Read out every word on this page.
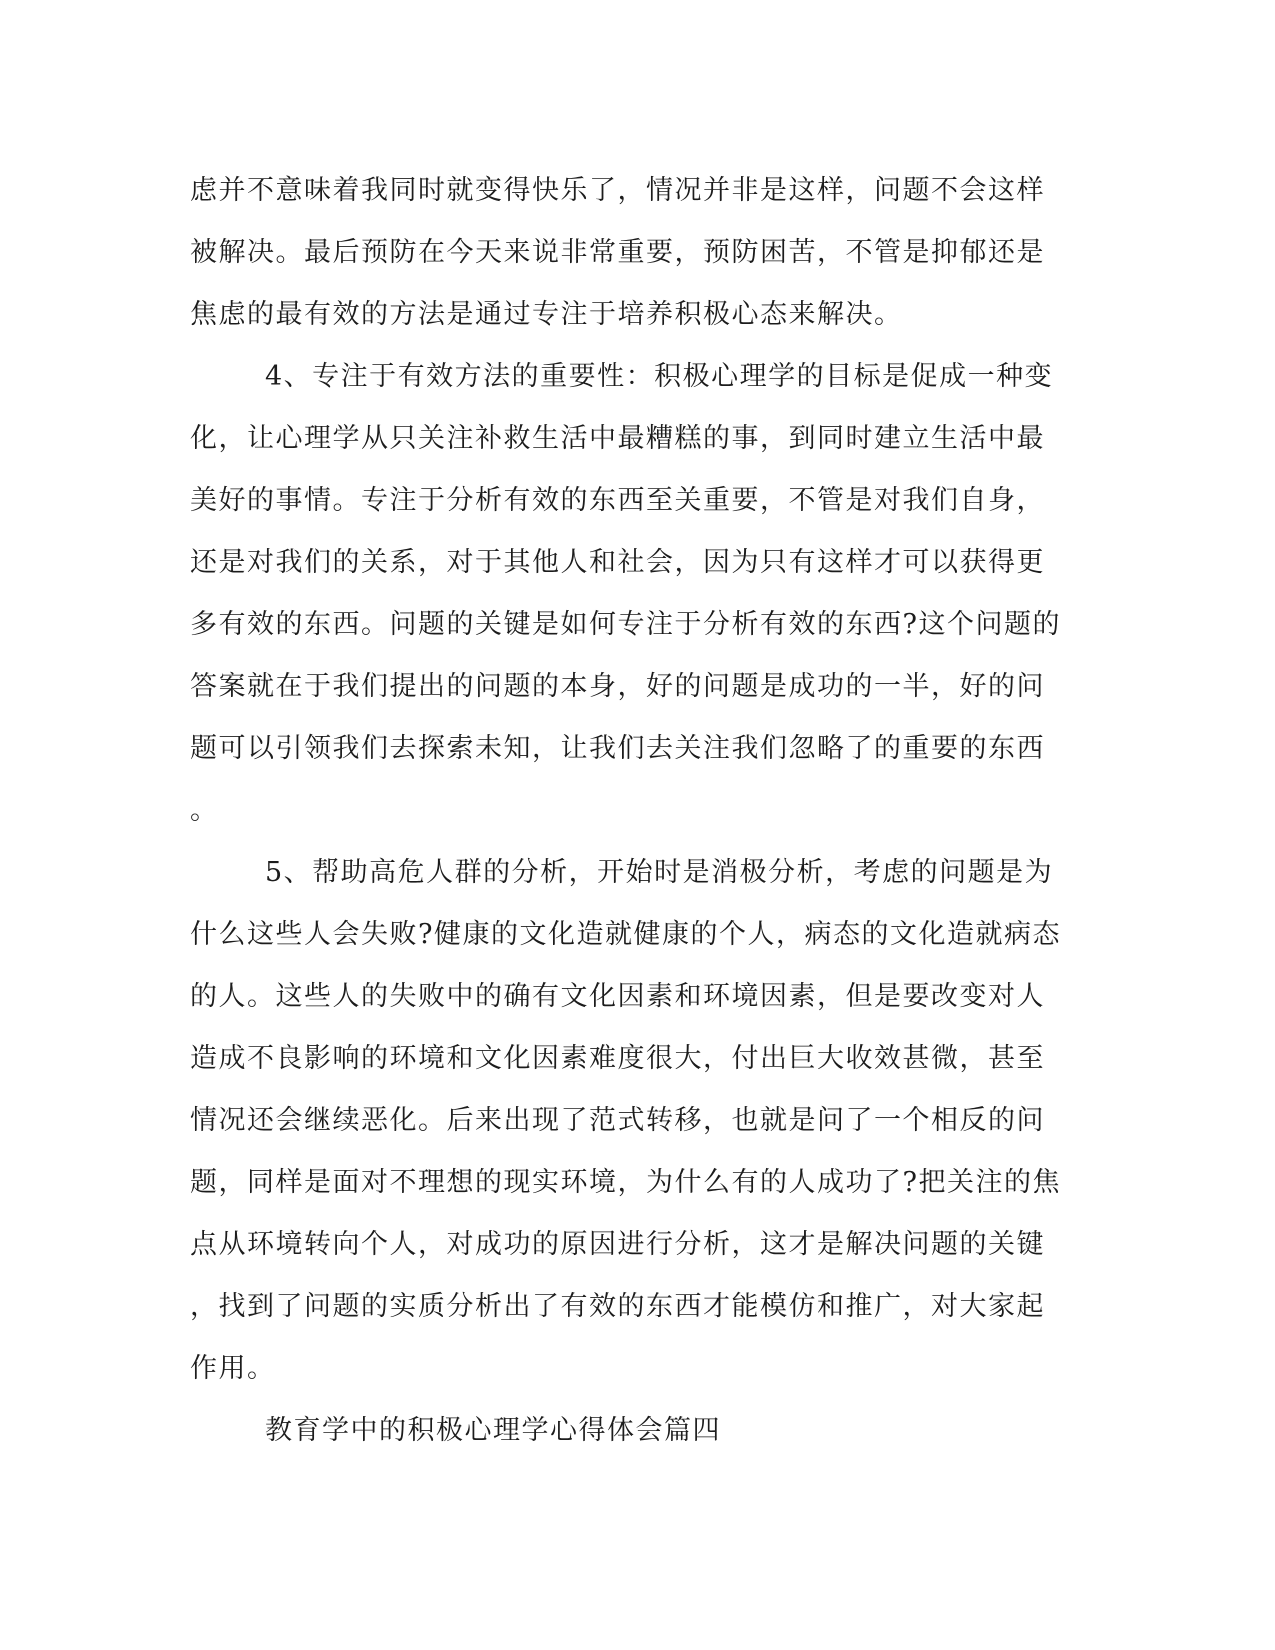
虑并不意味着我同时就变得快乐了，情况并非是这样，问题不会这样
被解决。最后预防在今天来说非常重要，预防困苦，不管是抑郁还是
焦虑的最有效的方法是通过专注于培养积极心态来解决。
4、专注于有效方法的重要性：积极心理学的目标是促成一种变
化，让心理学从只关注补救生活中最糟糕的事，到同时建立生活中最
美好的事情。专注于分析有效的东西至关重要，不管是对我们自身，
还是对我们的关系，对于其他人和社会，因为只有这样才可以获得更
多有效的东西。问题的关键是如何专注于分析有效的东西?这个问题的
答案就在于我们提出的问题的本身，好的问题是成功的一半，好的问
题可以引领我们去探索未知，让我们去关注我们忽略了的重要的东西
。
5、帮助高危人群的分析，开始时是消极分析，考虑的问题是为
什么这些人会失败?健康的文化造就健康的个人，病态的文化造就病态
的人。这些人的失败中的确有文化因素和环境因素，但是要改变对人
造成不良影响的环境和文化因素难度很大，付出巨大收效甚微，甚至
情况还会继续恶化。后来出现了范式转移，也就是问了一个相反的问
题，同样是面对不理想的现实环境，为什么有的人成功了?把关注的焦
点从环境转向个人，对成功的原因进行分析，这才是解决问题的关键
，找到了问题的实质分析出了有效的东西才能模仿和推广，对大家起
作用。
教育学中的积极心理学心得体会篇四
